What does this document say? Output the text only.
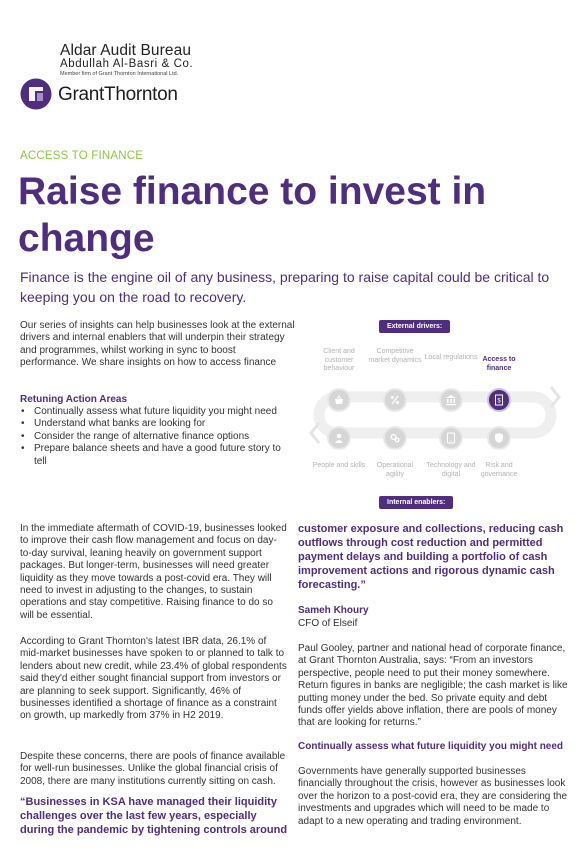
Aldar Audit Bureau
Abdullah Al-Basri & Co.
Member firm of Grant Thornton International Ltd.
GrantThornton
ACCESS TO FINANCE
Raise finance to invest in change
Finance is the engine oil of any business, preparing to raise capital could be critical to keeping you on the road to recovery.
Our series of insights can help businesses look at the external drivers and internal enablers that will underpin their strategy and programmes, whilst working in sync to boost performance. We share insights on how to access finance
Retuning Action Areas
• Continually assess what future liquidity you might need
• Understand what banks are looking for
• Consider the range of alternative finance options
• Prepare balance sheets and have a good future story to tell
External drivers:
Client and customer behaviour
Competitive market dynamics Local regulations Access to finance
$
People and skills	Operational agility
Technology and digital
Risk and governance
Internal enablers:
In the immediate aftermath of COVID-19, businesses looked to improve their cash flow management and focus on day-to-day survival, leaning heavily on government support packages. But longer-term, businesses will need greater liquidity as they move towards a post-covid era. They will need to invest in adjusting to the changes, to sustain operations and stay competitive. Raising finance to do so will be essential.
According to Grant Thornton's latest IBR data, 26.1% of mid-market businesses have spoken to or planned to talk to lenders about new credit, while 23.4% of global respondents said they'd either sought financial support from investors or are planning to seek support. Significantly, 46% of businesses identified a shortage of finance as a constraint on growth, up markedly from 37% in H2 2019.
Despite these concerns, there are pools of finance available for well-run businesses. Unlike the global financial crisis of 2008, there are many institutions currently sitting on cash.
“Businesses in KSA have managed their liquidity challenges over the last few years, especially during the pandemic by tightening controls around
customer exposure and collections, reducing cash outflows through cost reduction and permitted payment delays and building a portfolio of cash improvement actions and rigorous dynamic cash forecasting.”
Sameh Khoury
CFO of Elseif
Paul Gooley, partner and national head of corporate finance, at Grant Thornton Australia, says: “From an investors perspective, people need to put their money somewhere. Return figures in banks are negligible; the cash market is like putting money under the bed. So private equity and debt funds offer yields above inflation, there are pools of money that are looking for returns.”
Continually assess what future liquidity you might need
Governments have generally supported businesses financially throughout the crisis, however as businesses look over the horizon to a post-covid era, they are considering the investments and upgrades which will need to be made to adapt to a new operating and trading environment.
